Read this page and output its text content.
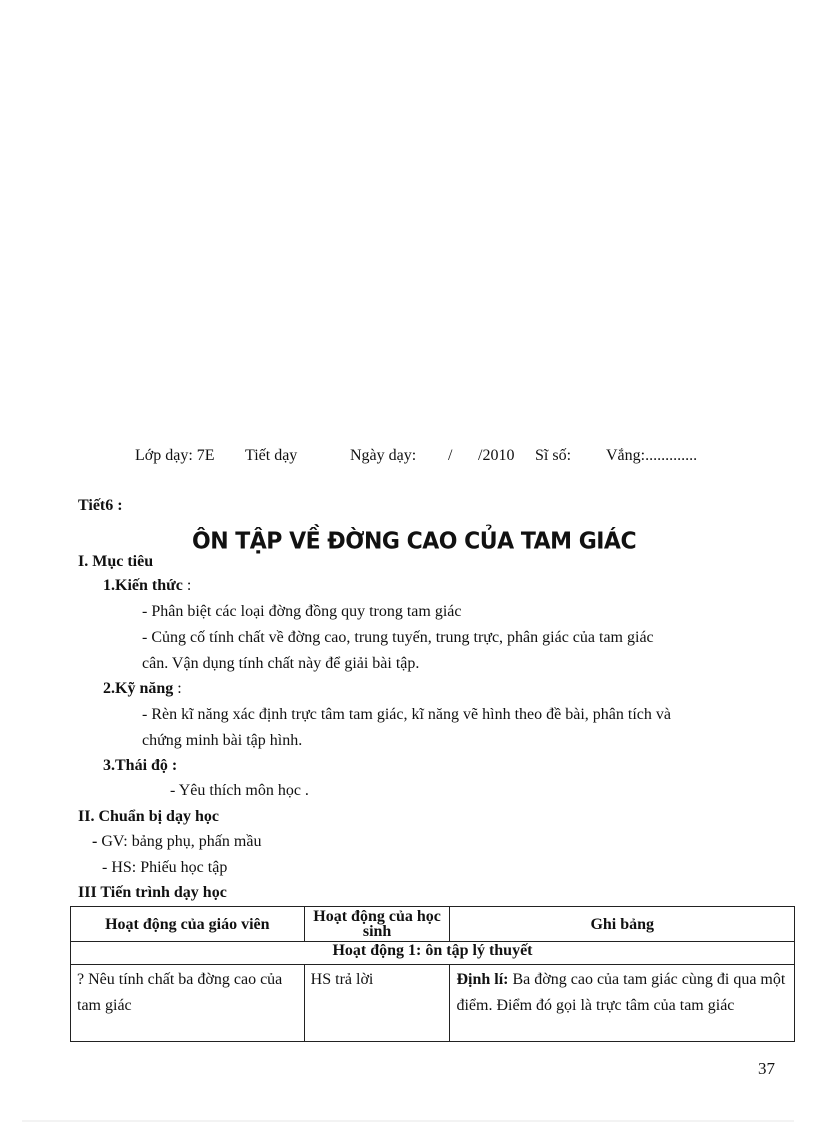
Lớp dạy: 7E Tiết dạy	Ngày dạy: / /2010 Sĩ số: Vắng:.............
Tiết6 :
ÔN TẬP VỀ ĐỜNG CAO CỦA TAM GIÁC
I. Mục tiêu
1.Kiến thức :
- Phân biệt các loại đờng đồng quy trong tam giác
- Củng cố tính chất về đờng cao, trung tuyến, trung trực, phân giác của tam giác
cân. Vận dụng tính chất này để giải bài tập.
2.Kỹ năng :
- Rèn kĩ năng xác định trực tâm tam giác, kĩ năng vẽ hình theo đề bài, phân tích và
chứng minh bài tập hình.
3.Thái độ :
- Yêu thích môn học .
II. Chuẩn bị dạy học
- GV: bảng phụ, phấn mầu
- HS: Phiếu học tập
III Tiến trình dạy học
Hoạt động của giáo viên	Hoạt động của học sinh	Ghi bảng
Hoạt động 1: ôn tập lý thuyết		
? Nêu tính chất ba đờng cao của tam giác	HS trả lời	Định lí: Ba đờng cao của tam giác cùng đi qua một điểm. Điểm đó gọi là trực tâm của tam giác
37
